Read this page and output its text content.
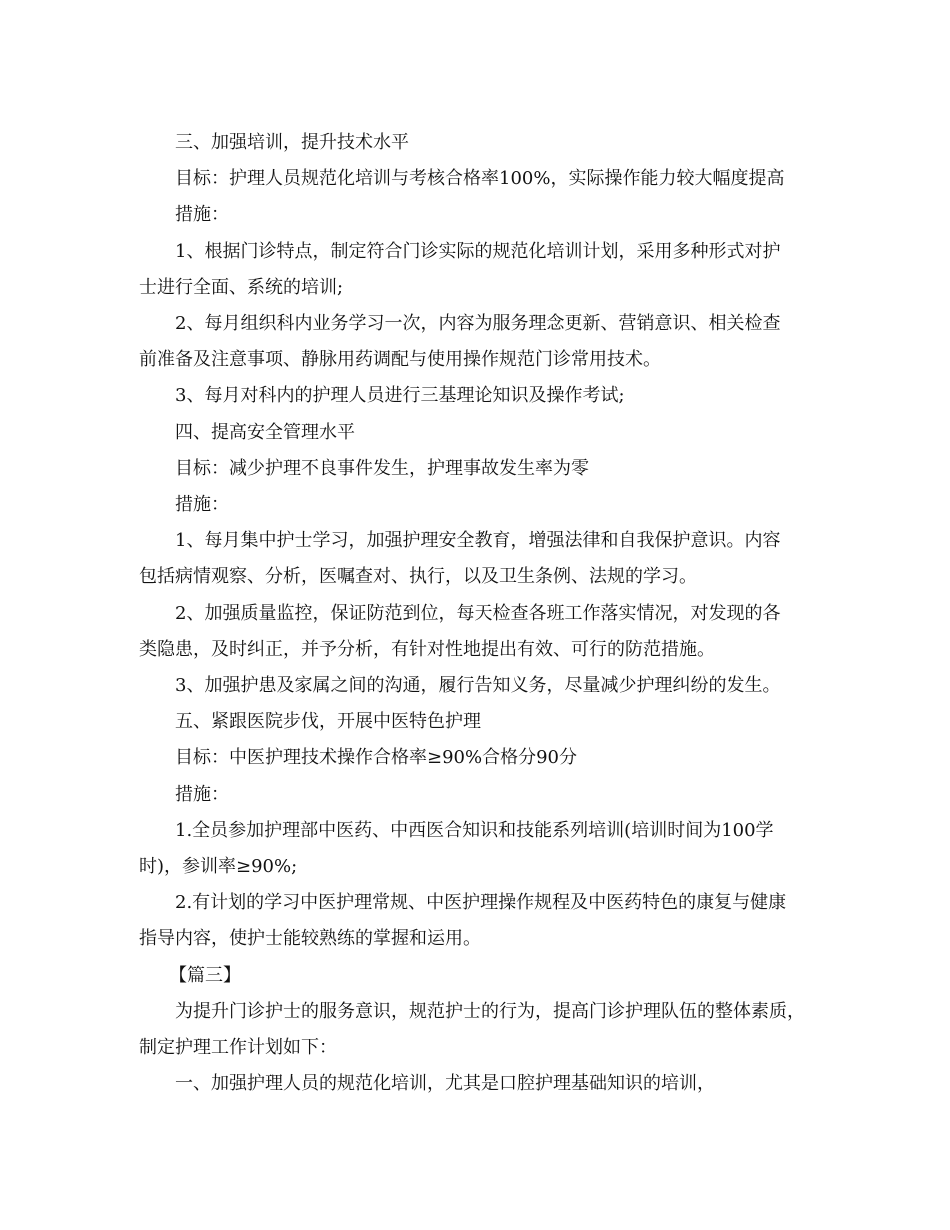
三、加强培训，提升技术水平

目标：护理人员规范化培训与考核合格率100%，实际操作能力较大幅度提高

措施：

1、根据门诊特点，制定符合门诊实际的规范化培训计划，采用多种形式对护

士进行全面、系统的培训;

2、每月组织科内业务学习一次，内容为服务理念更新、营销意识、相关检查

前准备及注意事项、静脉用药调配与使用操作规范门诊常用技术。

3、每月对科内的护理人员进行三基理论知识及操作考试;

四、提高安全管理水平

目标：减少护理不良事件发生，护理事故发生率为零

措施：

1、每月集中护士学习，加强护理安全教育，增强法律和自我保护意识。内容

包括病情观察、分析，医嘱查对、执行，以及卫生条例、法规的学习。

2、加强质量监控，保证防范到位，每天检查各班工作落实情况，对发现的各

类隐患，及时纠正，并予分析，有针对性地提出有效、可行的防范措施。

3、加强护患及家属之间的沟通，履行告知义务，尽量减少护理纠纷的发生。

五、紧跟医院步伐，开展中医特色护理

目标：中医护理技术操作合格率≥90%合格分90分

措施：

1.全员参加护理部中医药、中西医合知识和技能系列培训(培训时间为100学

时)，参训率≥90%;

2.有计划的学习中医护理常规、中医护理操作规程及中医药特色的康复与健康

指导内容，使护士能较熟练的掌握和运用。

【篇三】

为提升门诊护士的服务意识，规范护士的行为，提高门诊护理队伍的整体素质，

制定护理工作计划如下：

一、加强护理人员的规范化培训，尤其是口腔护理基础知识的培训，
